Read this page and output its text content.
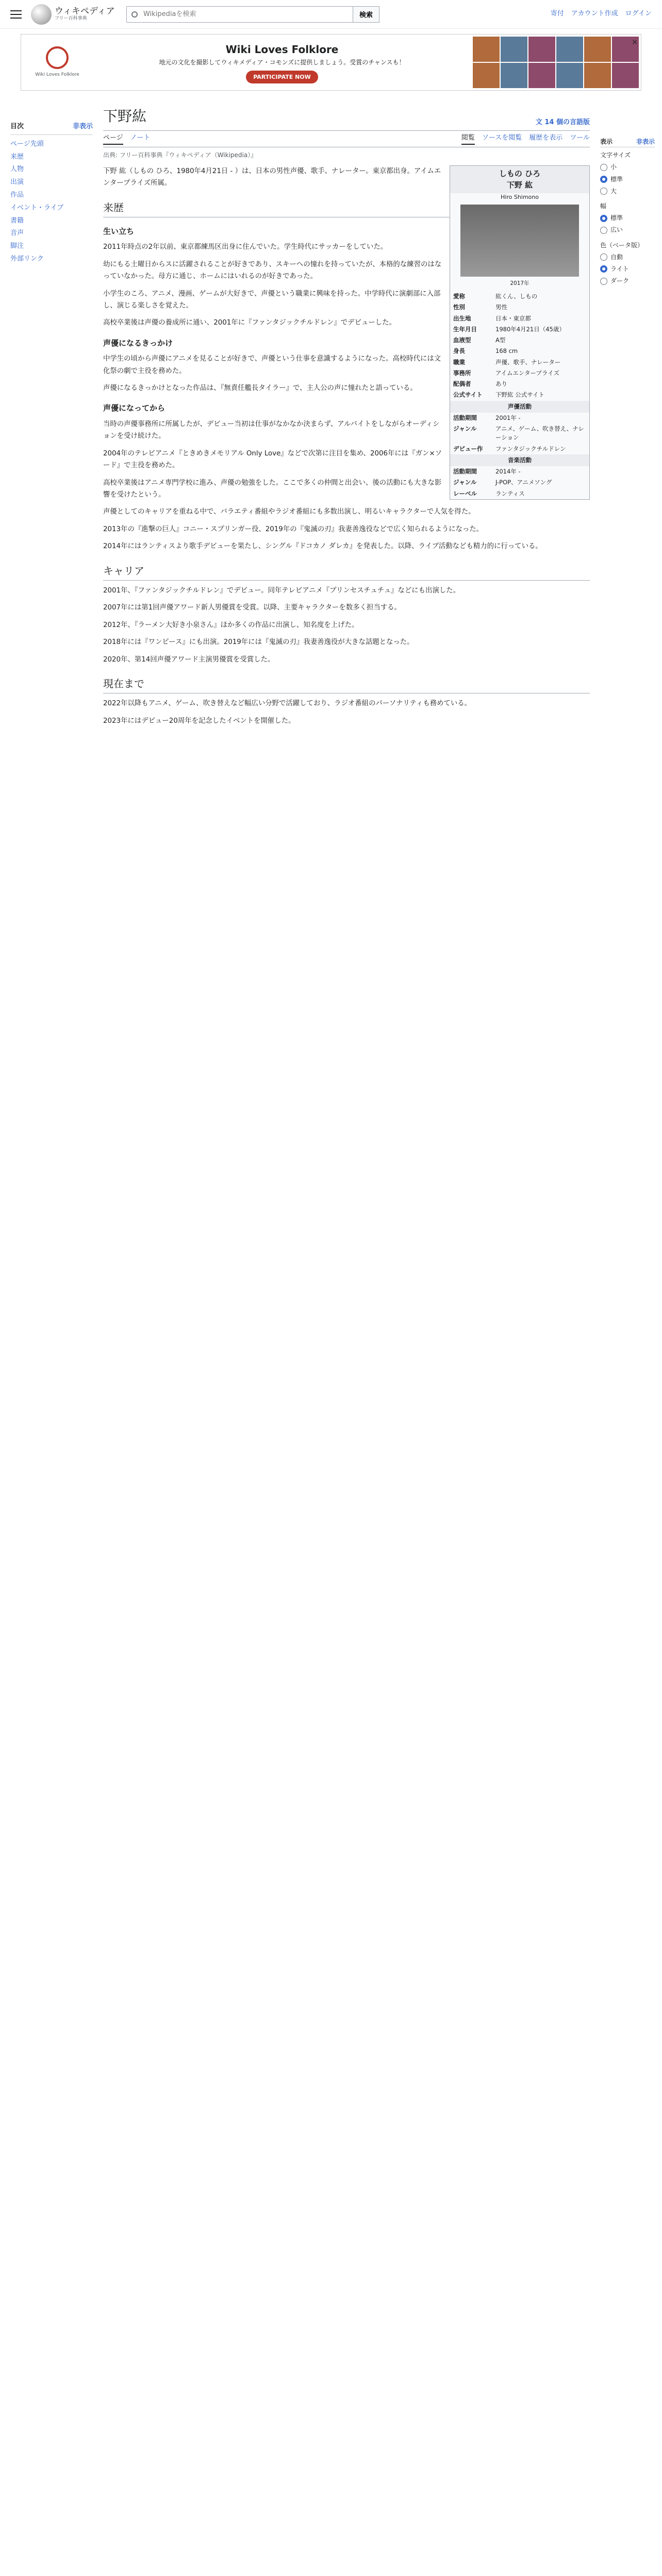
ウィキペディア
フリー百科事典
Wikipediaを検索	検索	寄付 アカウント作成 ログイン
Wiki Loves Folklore
Wiki Loves Folklore

地元の文化を撮影してウィキメディア・コモンズに提供しましょう。受賞のチャンスも！

PARTICIPATE NOW
×
目次	非表示
ページ先頭
来歴
人物
出演
作品
イベント・ライブ
書籍
音声
脚注
外部リンク
下野紘	文 14 個の言語版
ページ ノート	閲覧 ソースを閲覧 履歴を表示 ツール
出典: フリー百科事典『ウィキペディア（Wikipedia）』
しもの ひろ
下野 紘
Hiro Shimono
2017年
愛称	紘くん、しもの
性別	男性
出生地	日本・東京都
生年月日	1980年4月21日（45歳）
血液型	A型
身長	168 cm
職業	声優、歌手、ナレーター
事務所	アイムエンタープライズ
配偶者	あり
公式サイト	下野紘 公式サイト
声優活動
活動期間	2001年 -
ジャンル	アニメ、ゲーム、吹き替え、ナレーション
デビュー作	ファンタジックチルドレン
音楽活動
活動期間	2014年 -
ジャンル	J-POP、アニメソング
レーベル	ランティス

下野 紘（しもの ひろ、1980年4月21日 - ）は、日本の男性声優、歌手、ナレーター。東京都出身。アイムエンタープライズ所属。

来歴
生い立ち

2011年時点の2年以前、東京都練馬区出身に住んでいた。学生時代にサッカーをしていた。

幼にもる土曜日からスに活躍されることが好きであり、スキーへの憧れを持っていたが、本格的な練習のはなっていなかった。母方に通じ、ホームにはいれるのが好きであった。

小学生のころ、アニメ、漫画、ゲームが大好きで、声優という職業に興味を持った。中学時代に演劇部に入部し、演じる楽しさを覚えた。

高校卒業後は声優の養成所に通い、2001年に『ファンタジックチルドレン』でデビューした。

声優になるきっかけ

中学生の頃から声優にアニメを見ることが好きで、声優という仕事を意識するようになった。高校時代には文化祭の劇で主役を務めた。

声優になるきっかけとなった作品は、『無責任艦長タイラー』で、主人公の声に憧れたと語っている。

声優になってから

当時の声優事務所に所属したが、デビュー当初は仕事がなかなか決まらず、アルバイトをしながらオーディションを受け続けた。

2004年のテレビアニメ『ときめきメモリアル Only Love』などで次第に注目を集め、2006年には『ガン×ソード』で主役を務めた。

高校卒業後はアニメ専門学校に進み、声優の勉強をした。ここで多くの仲間と出会い、後の活動にも大きな影響を受けたという。

声優としてのキャリアを重ねる中で、バラエティ番組やラジオ番組にも多数出演し、明るいキャラクターで人気を得た。

2013年の『進撃の巨人』コニー・スプリンガー役、2019年の『鬼滅の刃』我妻善逸役などで広く知られるようになった。

2014年にはランティスより歌手デビューを果たし、シングル『ドコカノ ダレカ』を発表した。以降、ライブ活動なども精力的に行っている。

キャリア

2001年、『ファンタジックチルドレン』でデビュー。同年テレビアニメ『プリンセスチュチュ』などにも出演した。

2007年には第1回声優アワード新人男優賞を受賞。以降、主要キャラクターを数多く担当する。

2012年、『ラーメン大好き小泉さん』ほか多くの作品に出演し、知名度を上げた。

2018年には『ワンピース』にも出演。2019年には『鬼滅の刃』我妻善逸役が大きな話題となった。

2020年、第14回声優アワード主演男優賞を受賞した。

現在まで

2022年以降もアニメ、ゲーム、吹き替えなど幅広い分野で活躍しており、ラジオ番組のパーソナリティも務めている。

2023年にはデビュー20周年を記念したイベントを開催した。

表示	非表示
文字サイズ
小
標準
大
幅
標準
広い
色（ベータ版）
自動
ライト
ダーク
